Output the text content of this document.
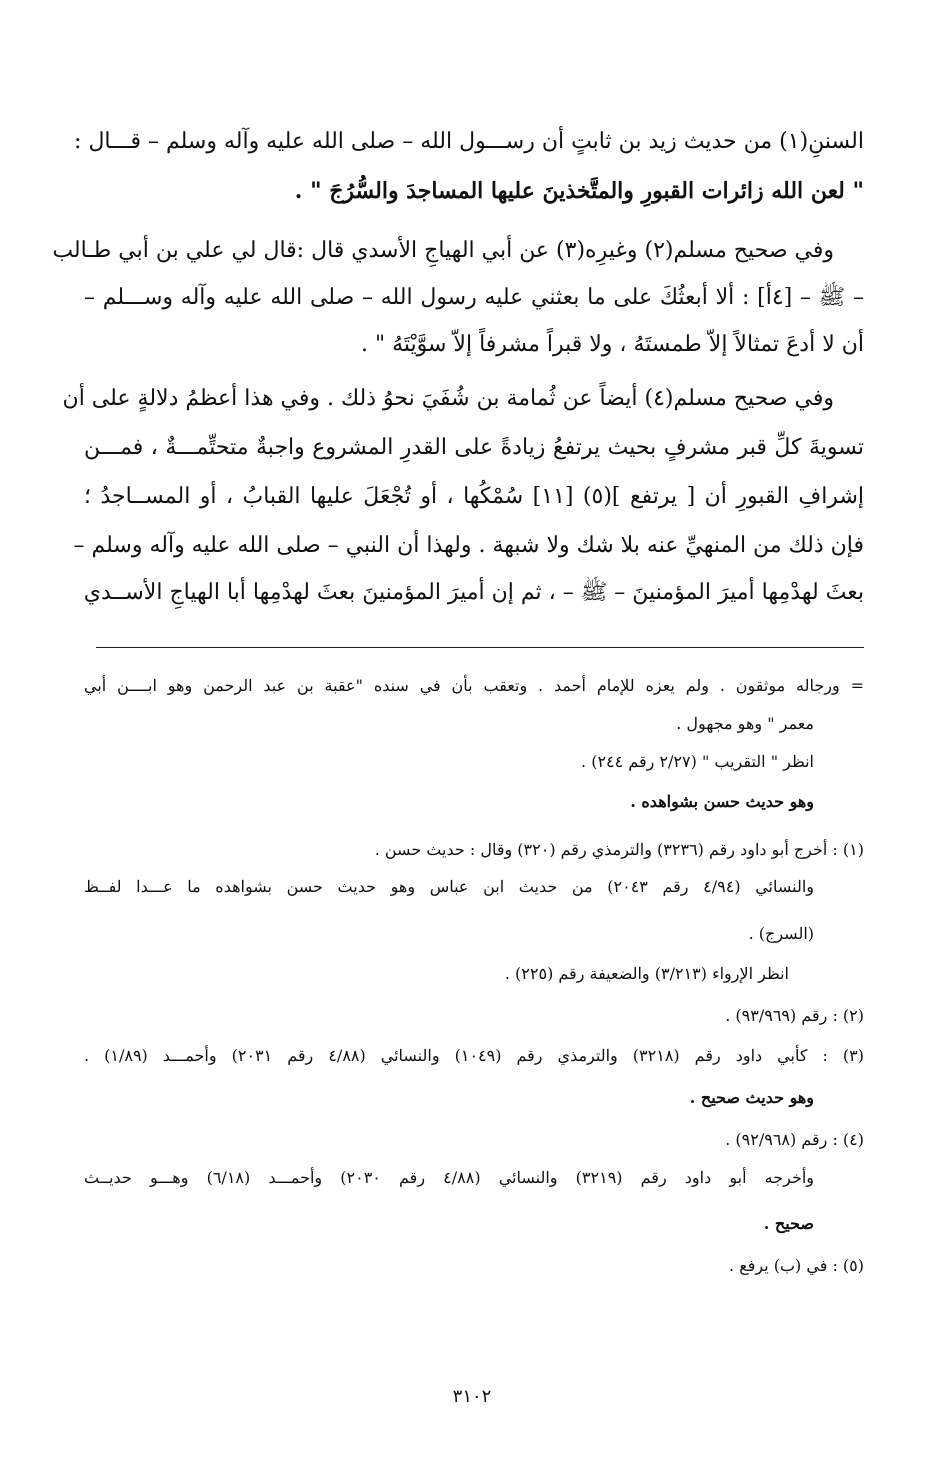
السننِ(١) من حديث زيد بن ثابتٍ أن رســـول الله – صلى الله عليه وآله وسلم – قـــال :
" لعن الله زائرات القبورِ والمتَّخذينَ عليها المساجدَ والسُّرُجَ " .
وفي صحيح مسلم(٢) وغيرِه(٣) عن أبي الهياجِ الأسدي قال :قال لي علي بن أبي طـالب
– ﷺ – [٤أ] : ألا أبعثُكَ على ما بعثني عليه رسول الله – صلى الله عليه وآله وســـلم –
أن لا أدعَ تمثالاً إلاّ طمستَهُ ، ولا قبراً مشرفاً إلاّ سوَّيْتَهُ " .
وفي صحيح مسلم(٤) أيضاً عن ثُمامة بن شُفَيَ نحوُ ذلك . وفي هذا أعظمُ دلالةٍ على أن
تسويةَ كلِّ قبر مشرفٍ بحيث يرتفعُ زيادةً على القدرِ المشروع واجبةٌ متحتِّمـــةٌ ، فمـــن
إشرافِ القبورِ أن [ يرتفع ](٥) [١١] سُمْكُها ، أو تُجْعَلَ عليها القبابُ ، أو المســاجدُ ؛
فإن ذلك من المنهيِّ عنه بلا شك ولا شبهة . ولهذا أن النبي – صلى الله عليه وآله وسلم –
بعثَ لهدْمِها أميرَ المؤمنينَ – ﷺ – ، ثم إن أميرَ المؤمنينَ بعثَ لهدْمِها أبا الهياجِ الأســدي
= ورجاله موثقون . ولم يعزه للإمام أحمد . وتعقب بأن في سنده "عقبة بن عبد الرحمن وهو ابــــن أبي
معمر " وهو مجهول .
انظر " التقريب " (٢/٢٧ رقم ٢٤٤) .
وهو حديث حسن بشواهده .
(١) : أخرج أبو داود رقم (٣٢٣٦) والترمذي رقم (٣٢٠) وقال : حديث حسن .
والنسائي (٤/٩٤ رقم ٢٠٤٣) من حديث ابن عباس وهو حديث حسن بشواهده ما عـــدا لفــظ
(السرج) .
انظر الإرواء (٣/٢١٣) والضعيفة رقم (٢٢٥) .
(٢) : رقم (٩٣/٩٦٩) .
(٣) : كأبي داود رقم (٣٢١٨) والترمذي رقم (١٠٤٩) والنسائي (٤/٨٨ رقم ٢٠٣١) وأحمـــد (١/٨٩) .
وهو حديث صحيح .
(٤) : رقم (٩٢/٩٦٨) .
وأخرجه أبو داود رقم (٣٢١٩) والنسائي (٤/٨٨ رقم ٢٠٣٠) وأحمـــد (٦/١٨) وهـــو حديــث
صحيح .
(٥) : في (ب) يرفع .
٣١٠٢
